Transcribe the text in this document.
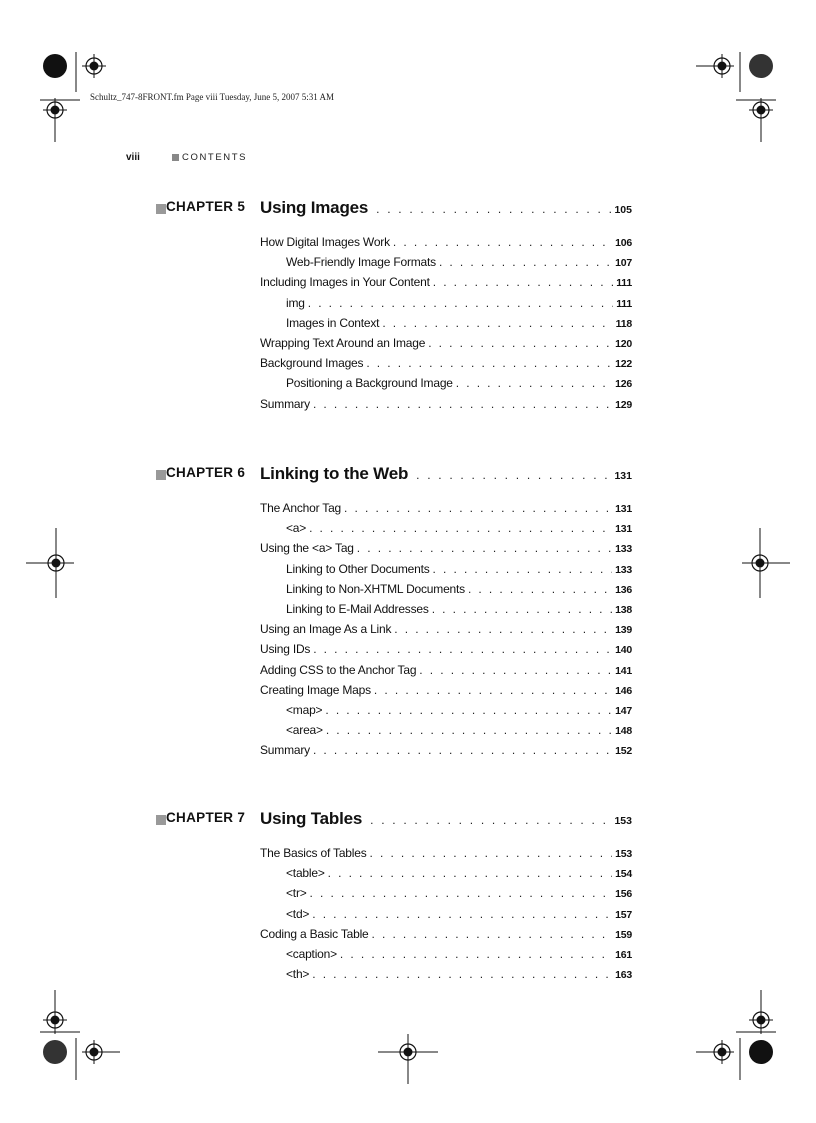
Schultz_747-8FRONT.fm Page viii Tuesday, June 5, 2007 5:31 AM
viii	CONTENTS
CHAPTER 5 Using Images . . .	105
How Digital Images Work . . .	106
Web-Friendly Image Formats . . .	107
Including Images in Your Content . . .	111
img . . .	111
Images in Context . . .	118
Wrapping Text Around an Image . . .	120
Background Images . . .	122
Positioning a Background Image . . .	126
Summary . . .	129
CHAPTER 6 Linking to the Web . . .	131
The Anchor Tag . . .	131
<a> . . .	131
Using the <a> Tag . . .	133
Linking to Other Documents . . .	133
Linking to Non-XHTML Documents . . .	136
Linking to E-Mail Addresses . . .	138
Using an Image As a Link . . .	139
Using IDs . . .	140
Adding CSS to the Anchor Tag . . .	141
Creating Image Maps . . .	146
<map> . . .	147
<area> . . .	148
Summary . . .	152
CHAPTER 7 Using Tables . . .	153
The Basics of Tables . . .	153
<table> . . .	154
<tr> . . .	156
<td> . . .	157
Coding a Basic Table . . .	159
<caption> . . .	161
<th> . . .	163
